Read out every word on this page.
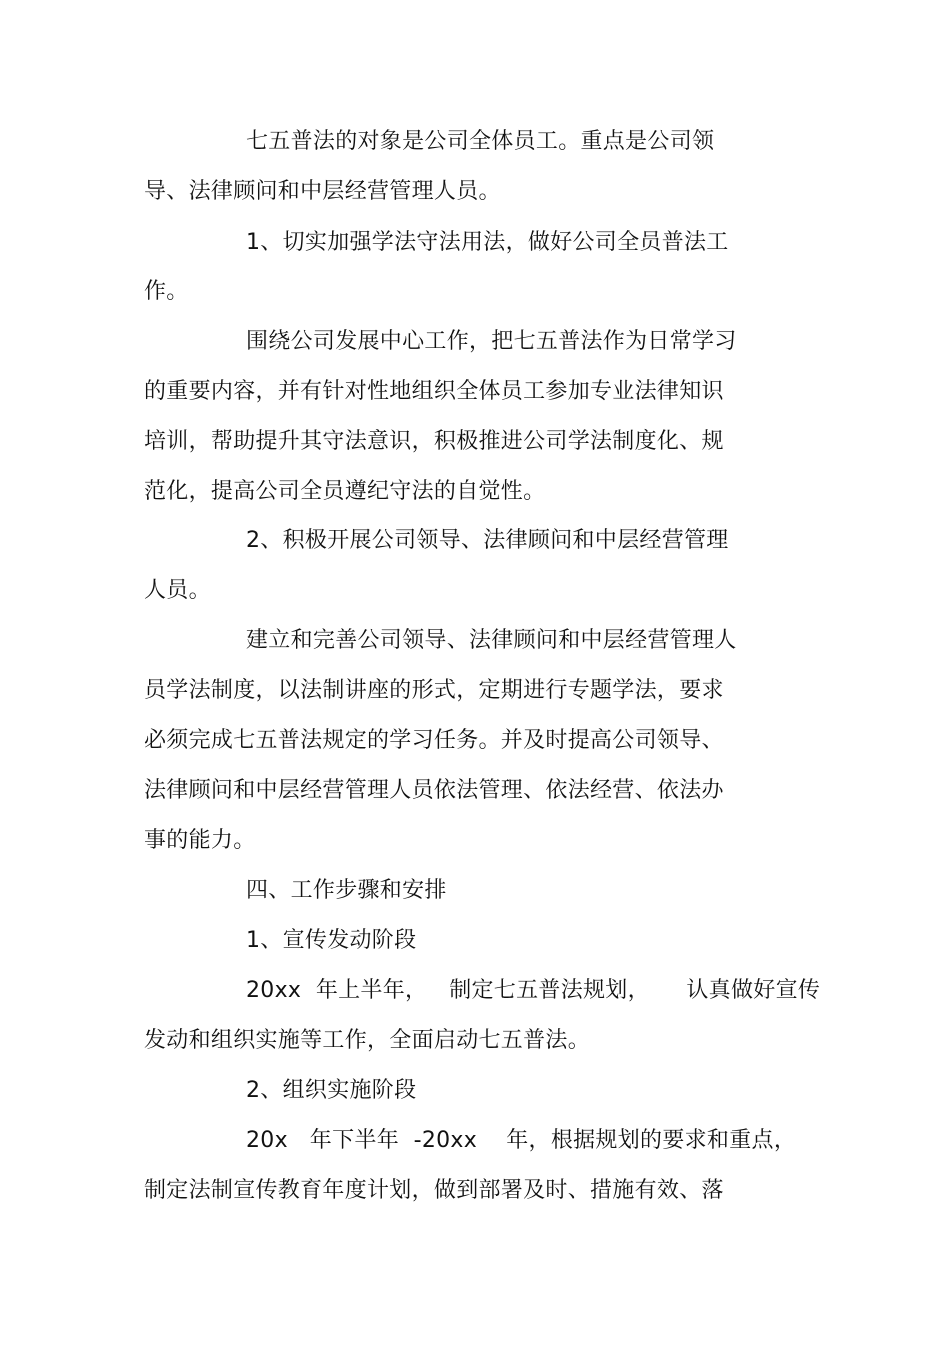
七五普法的对象是公司全体员工。重点是公司领
导、法律顾问和中层经营管理人员。
1、切实加强学法守法用法，做好公司全员普法工
作。
围绕公司发展中心工作，把七五普法作为日常学习
的重要内容，并有针对性地组织全体员工参加专业法律知识
培训，帮助提升其守法意识，积极推进公司学法制度化、规
范化，提高公司全员遵纪守法的自觉性。
2、积极开展公司领导、法律顾问和中层经营管理
人员。
建立和完善公司领导、法律顾问和中层经营管理人
员学法制度，以法制讲座的形式，定期进行专题学法，要求
必须完成七五普法规定的学习任务。并及时提高公司领导、
法律顾问和中层经营管理人员依法管理、依法经营、依法办
事的能力。
四、工作步骤和安排
1、宣传发动阶段
20xx  年上半年，   制定七五普法规划，     认真做好宣传
发动和组织实施等工作，全面启动七五普法。
2、组织实施阶段
20x   年下半年  -20xx    年，根据规划的要求和重点，
制定法制宣传教育年度计划，做到部署及时、措施有效、落
